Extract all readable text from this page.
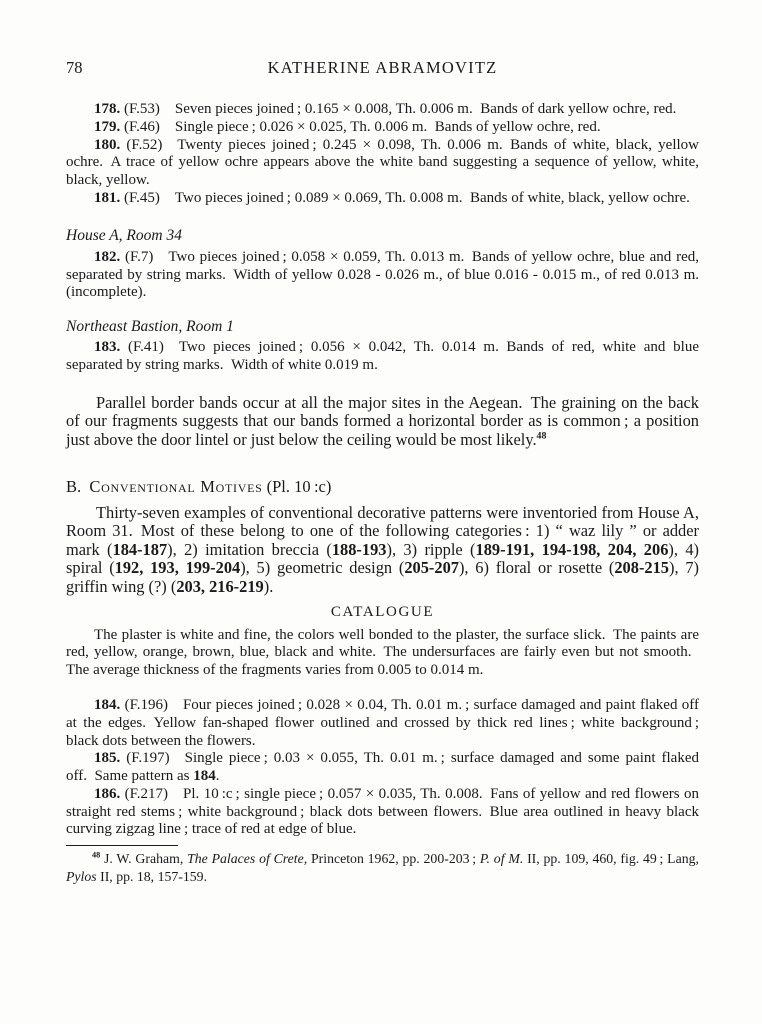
78	KATHERINE ABRAMOVITZ

178. (F.53) Seven pieces joined ; 0.165 × 0.008, Th. 0.006 m. Bands of dark yellow ochre, red.

179. (F.46) Single piece ; 0.026 × 0.025, Th. 0.006 m. Bands of yellow ochre, red.

180. (F.52) Twenty pieces joined ; 0.245 × 0.098, Th. 0.006 m. Bands of white, black, yellow ochre. A trace of yellow ochre appears above the white band suggesting a sequence of yellow, white, black, yellow.

181. (F.45) Two pieces joined ; 0.089 × 0.069, Th. 0.008 m. Bands of white, black, yellow ochre.

House A, Room 34

182. (F.7) Two pieces joined ; 0.058 × 0.059, Th. 0.013 m. Bands of yellow ochre, blue and red, separated by string marks. Width of yellow 0.028 - 0.026 m., of blue 0.016 - 0.015 m., of red 0.013 m. (incomplete).

Northeast Bastion, Room 1

183. (F.41) Two pieces joined ; 0.056 × 0.042, Th. 0.014 m. Bands of red, white and blue separated by string marks. Width of white 0.019 m.

Parallel border bands occur at all the major sites in the Aegean. The graining on the back of our fragments suggests that our bands formed a horizontal border as is common ; a position just above the door lintel or just below the ceiling would be most likely.$^{48}$

B. Conventional Motives (Pl. 10 :c)

Thirty-seven examples of conventional decorative patterns were inventoried from House A, Room 31. Most of these belong to one of the following categories : 1) “ waz lily ” or adder mark (184-187), 2) imitation breccia (188-193), 3) ripple (189-191, 194-198, 204, 206), 4) spiral (192, 193, 199-204), 5) geometric design (205-207), 6) floral or rosette (208-215), 7) griffin wing (?) (203, 216-219).

CATALOGUE

The plaster is white and fine, the colors well bonded to the plaster, the surface slick. The paints are red, yellow, orange, brown, blue, black and white. The undersurfaces are fairly even but not smooth. The average thickness of the fragments varies from 0.005 to 0.014 m.

184. (F.196) Four pieces joined ; 0.028 × 0.04, Th. 0.01 m. ; surface damaged and paint flaked off at the edges. Yellow fan-shaped flower outlined and crossed by thick red lines ; white background ; black dots between the flowers.

185. (F.197) Single piece ; 0.03 × 0.055, Th. 0.01 m. ; surface damaged and some paint flaked off. Same pattern as 184.

186. (F.217) Pl. 10 :c ; single piece ; 0.057 × 0.035, Th. 0.008. Fans of yellow and red flowers on straight red stems ; white background ; black dots between flowers. Blue area outlined in heavy black curving zigzag line ; trace of red at edge of blue.

$^{48}$ J. W. Graham, The Palaces of Crete, Princeton 1962, pp. 200-203 ; P. of M. II, pp. 109, 460, fig. 49 ; Lang, Pylos II, pp. 18, 157-159.
